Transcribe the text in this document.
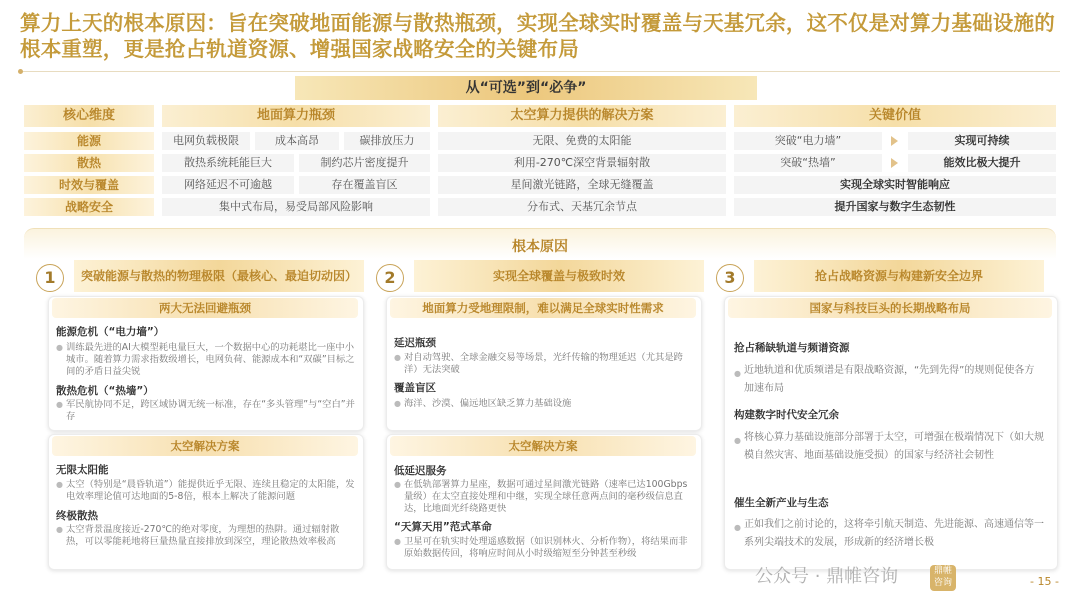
算力上天的根本原因：旨在突破地面能源与散热瓶颈，实现全球实时覆盖与天基冗余，这不仅是对算力基础设施的根本重塑，更是抢占轨道资源、增强国家战略安全的关键布局
从“可选”到“必争”
核心维度	地面算力瓶颈	太空算力提供的解决方案	关键价值
能源	电网负载极限	成本高昂	碳排放压力	无限、免费的太阳能	突破“电力墙”	实现可持续
散热	散热系统耗能巨大	制约芯片密度提升	利用-270℃深空背景辐射散	突破“热墙”	能效比极大提升
时效与覆盖	网络延迟不可逾越	存在覆盖盲区	星间激光链路，全球无缝覆盖	实现全球实时智能响应
战略安全	集中式布局，易受局部风险影响	分布式、天基冗余节点	提升国家与数字生态韧性
根本原因
1	突破能源与散热的物理极限（最核心、最迫切动因）
两大无法回避瓶颈
能源危机（“电力墙”）
● 训练最先进的AI大模型耗电量巨大，一个数据中心的功耗堪比一座中小城市。随着算力需求指数级增长，电网负荷、能源成本和“双碳”目标之间的矛盾日益尖锐
散热危机（“热墙”）
● 军民航协同不足，跨区域协调无统一标准，存在“多头管理”与“空白”并存
太空解决方案
无限太阳能
● 太空（特别是“晨昏轨道”）能提供近乎无限、连续且稳定的太阳能，发电效率理论值可达地面的5-8倍，根本上解决了能源问题
终极散热
● 太空背景温度接近-270℃的绝对零度，为理想的热阱。通过辐射散热，可以零能耗地将巨量热量直接排放到深空，理论散热效率极高
2	实现全球覆盖与极致时效
地面算力受地理限制，难以满足全球实时性需求
延迟瓶颈
● 对自动驾驶、全球金融交易等场景，光纤传输的物理延迟（尤其是跨洋）无法突破
覆盖盲区
● 海洋、沙漠、偏远地区缺乏算力基础设施
太空解决方案
低延迟服务
● 在低轨部署算力星座，数据可通过星间激光链路（速率已达100Gbps量级）在太空直接处理和中继，实现全球任意两点间的毫秒级信息直达，比地面光纤绕路更快
“天算天用”范式革命
● 卫星可在轨实时处理遥感数据（如识别林火、分析作物），将结果而非原始数据传回，将响应时间从小时级缩短至分钟甚至秒级
3	抢占战略资源与构建新安全边界
国家与科技巨头的长期战略布局
抢占稀缺轨道与频谱资源
● 近地轨道和优质频谱是有限战略资源，“先到先得”的规则促使各方加速布局
构建数字时代安全冗余
● 将核心算力基础设施部分部署于太空，可增强在极端情况下（如大规模自然灾害、地面基础设施受损）的国家与经济社会韧性
催生全新产业与生态
● 正如我们之前讨论的，这将牵引航天制造、先进能源、高速通信等一系列尖端技术的发展，形成新的经济增长极
公众号 · 鼎帷咨询	鼎帷咨询	- 15 -
